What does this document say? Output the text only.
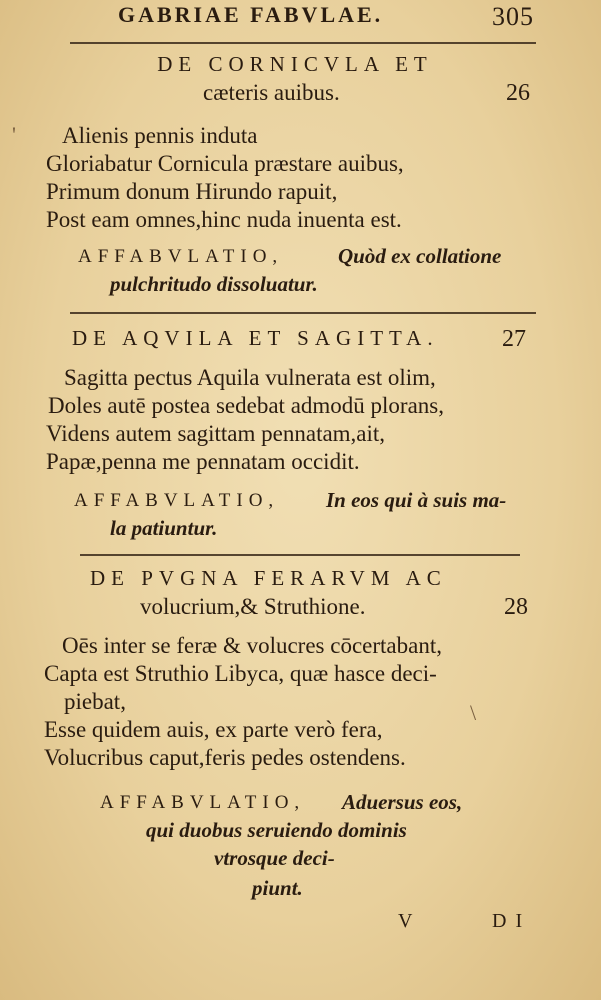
GABRIAE FABVLAE.	305
DE CORNICVLA ET
cæteris auibus.	26
Alienis pennis induta
Gloriabatur Cornicula præstare auibus,
Primum donum Hirundo rapuit,
Post eam omnes,hinc nuda inuenta est.
AFFABVLATIO,	Quòd ex collatione
pulchritudo dissoluatur.
DE AQVILA ET SAGITTA.	27
Sagitta pectus Aquila vulnerata est olim,
Doles autē postea sedebat admodū plorans,
Videns autem sagittam pennatam,ait,
Papæ,penna me pennatam occidit.
AFFABVLATIO, In eos qui à suis ma-
la patiuntur.
DE PVGNA FERARVM AC
volucrium,& Struthione.	28
Oēs inter se feræ & volucres cōcertabant,
Capta est Struthio Libyca, quæ hasce deci-
piebat,
Esse quidem auis, ex parte verò fera,
Volucribus caput,feris pedes ostendens.
AFFABVLATIO, Aduersus eos,
qui duobus seruiendo dominis
vtrosque deci-
piunt.
V	D I
'
\
